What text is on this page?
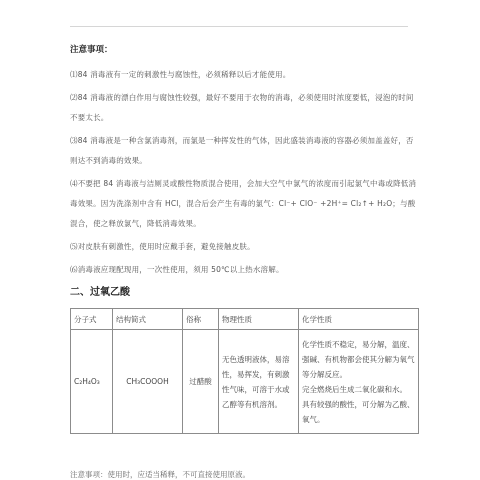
注意事项：

⑴84 消毒液有一定的刺激性与腐蚀性，必须稀释以后才能使用。

⑵84 消毒液的漂白作用与腐蚀性较强，最好不要用于衣物的消毒，必须使用时浓度要低，浸泡的时间不要太长。

⑶84 消毒液是一种含氯消毒剂，而氯是一种挥发性的气体，因此盛装消毒液的容器必须加盖盖好，否则达不到消毒的效果。

⑷不要把 84 消毒液与洁厕灵或酸性物质混合使用，会加大空气中氯气的浓度而引起氯气中毒或降低消毒效果。因为洗涤剂中含有 HCl，混合后会产生有毒的氯气：Cl⁻+ ClO⁻ +2H⁺= Cl₂↑+ H₂O；与酸混合，使之释放氯气，降低消毒效果。

⑸对皮肤有刺激性，使用时应戴手套，避免接触皮肤。

⑹消毒液应现配现用，一次性使用，须用 50℃以上热水溶解。

二、过氧乙酸
分子式	结构简式	俗称	物理性质	化学性质
C₂H₄O₃	CH₃COOOH	过醋酸	无色透明液体，易溶性，易挥发，有刺激性气味，可溶于水或乙醇等有机溶剂。	化学性质不稳定，易分解，温度、强碱、有机物都会使其分解为氧气等分解反应。
完全燃烧后生成二氧化碳和水。
具有较强的酸性，可分解为乙酸、氧气。
注意事项：使用时，应适当稀释，不可直接使用原液。
